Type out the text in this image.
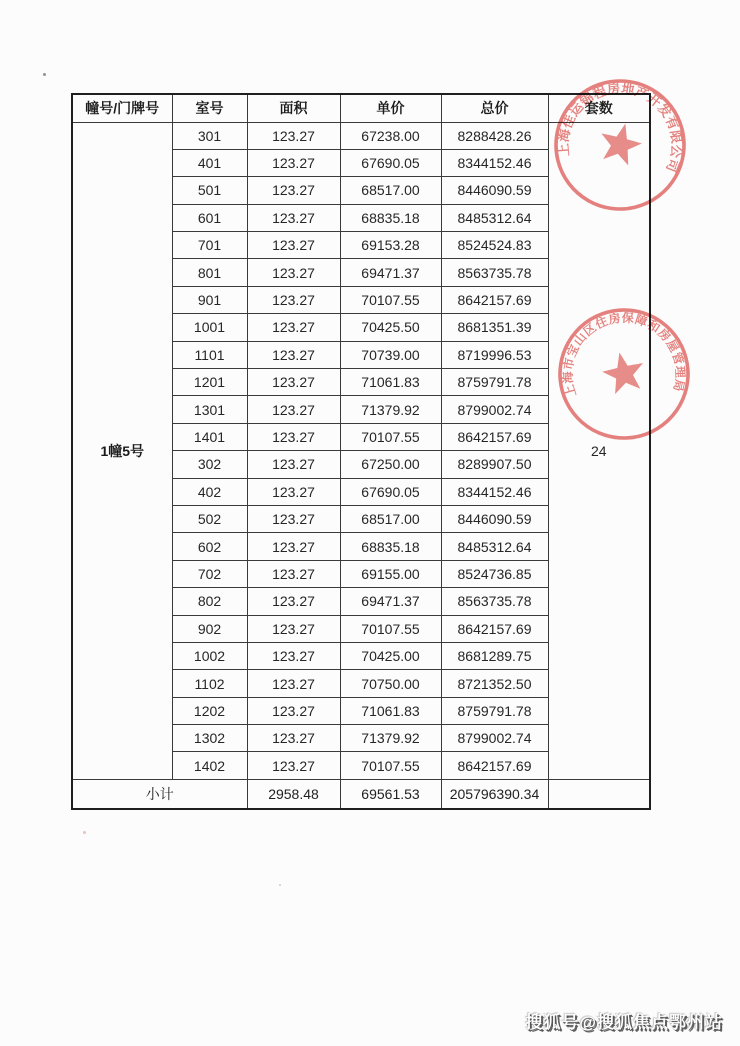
幢号/门牌号	室号	面积	单价	总价	套数
1幢5号	301	123.27	67238.00	8288428.26	24
	401	123.27	67690.05	8344152.46	
	501	123.27	68517.00	8446090.59	
	601	123.27	68835.18	8485312.64	
	701	123.27	69153.28	8524524.83	
	801	123.27	69471.37	8563735.78	
	901	123.27	70107.55	8642157.69	
	1001	123.27	70425.50	8681351.39	
	1101	123.27	70739.00	8719996.53	
	1201	123.27	71061.83	8759791.78	
	1301	123.27	71379.92	8799002.74	
	1401	123.27	70107.55	8642157.69	
	302	123.27	67250.00	8289907.50	
	402	123.27	67690.05	8344152.46	
	502	123.27	68517.00	8446090.59	
	602	123.27	68835.18	8485312.64	
	702	123.27	69155.00	8524736.85	
	802	123.27	69471.37	8563735.78	
	902	123.27	70107.55	8642157.69	
	1002	123.27	70425.00	8681289.75	
	1102	123.27	70750.00	8721352.50	
	1202	123.27	71061.83	8759791.78	
	1302	123.27	71379.92	8799002.74	
	1402	123.27	70107.55	8642157.69	
小计		2958.48	69561.53	205796390.34	
上海佳运锦程房地产开发有限公司
上海市宝山区住房保障和房屋管理局
搜狐号@搜狐焦点鄂州站
